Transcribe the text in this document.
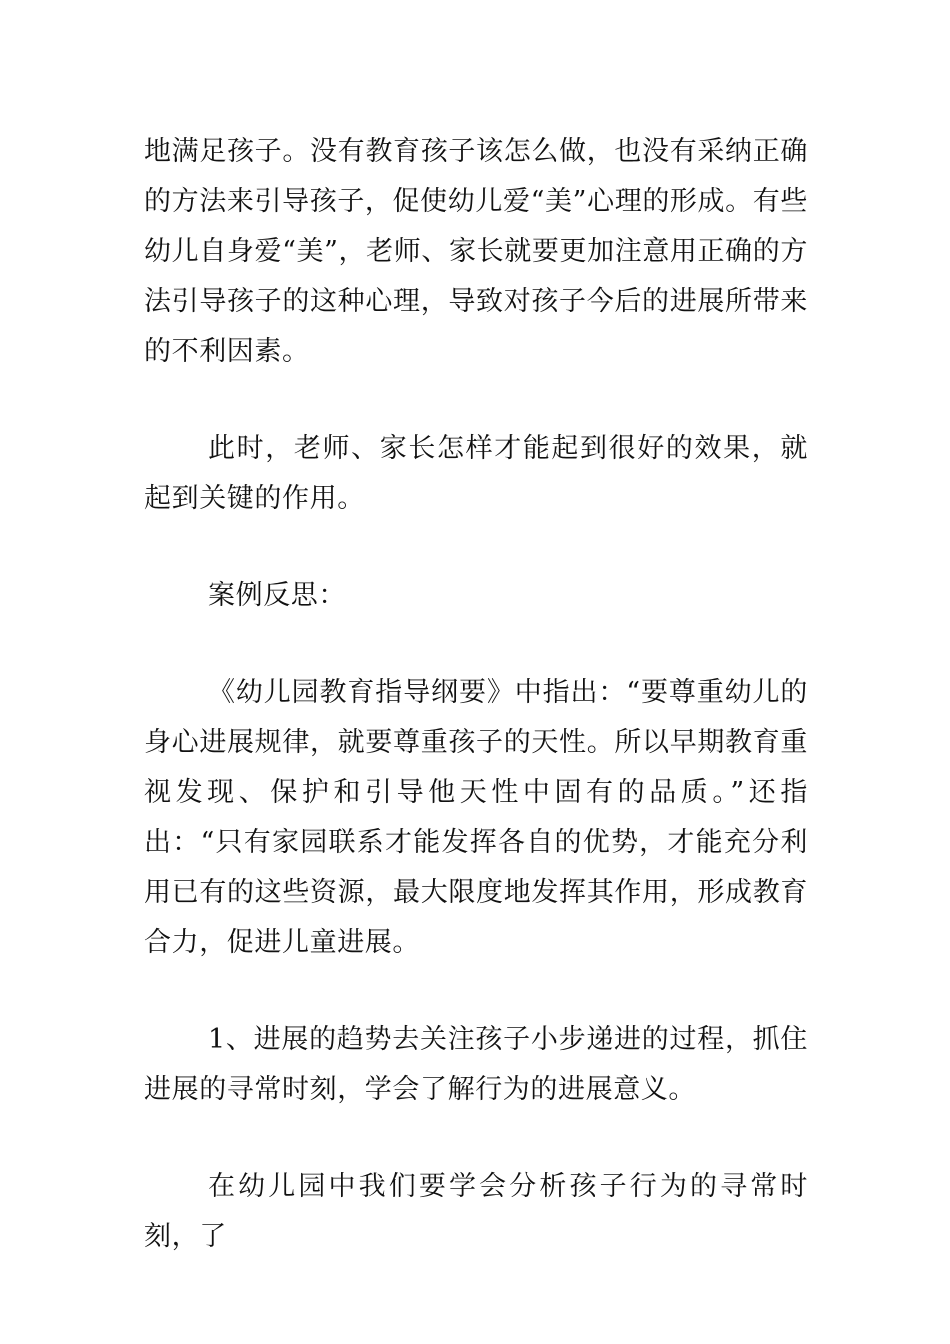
地满足孩子。没有教育孩子该怎么做，也没有采纳正确的方法来引导孩子，促使幼儿爱“美”心理的形成。有些幼儿自身爱“美”，老师、家长就要更加注意用正确的方法引导孩子的这种心理，导致对孩子今后的进展所带来的不利因素。

此时，老师、家长怎样才能起到很好的效果，就起到关键的作用。

案例反思：

《幼儿园教育指导纲要》中指出：“要尊重幼儿的身心进展规律，就要尊重孩子的天性。所以早期教育重视发现、保护和引导他天性中固有的品质。”还指出：“只有家园联系才能发挥各自的优势，才能充分利用已有的这些资源，最大限度地发挥其作用，形成教育合力，促进儿童进展。

1、进展的趋势去关注孩子小步递进的过程，抓住 进展的寻常时刻，学会了解行为的进展意义。

在幼儿园中我们要学会分析孩子行为的寻常时刻，了
